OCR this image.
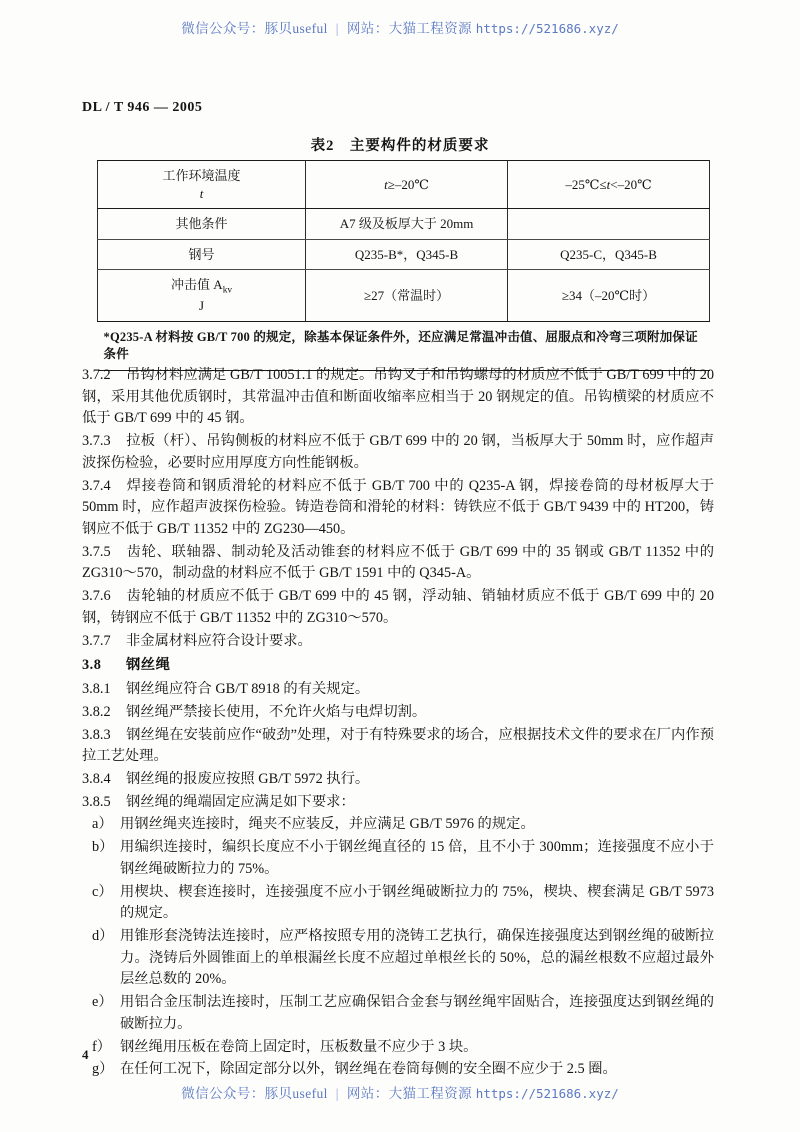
微信公众号：豚贝useful | 网站：大猫工程资源 https://521686.xyz/
DL / T 946 — 2005
表2　主要构件的材质要求
工作环境温度
t	t≥–20℃	–25℃≤t<–20℃
其他条件	A7 级及板厚大于 20mm	
钢号	Q235-B*，Q345-B	Q235-C，Q345-B
冲击值 $A_{kv}$
J	≥27（常温时）	≥34（–20℃时）
*Q235-A 材料按 GB/T 700 的规定，除基本保证条件外，还应满足常温冲击值、屈服点和冷弯三项附加保证条件		

3.7.2 吊钩材料应满足 GB/T 10051.1 的规定。吊钩叉子和吊钩螺母的材质应不低于 GB/T 699 中的 20 钢，采用其他优质钢时，其常温冲击值和断面收缩率应相当于 20 钢规定的值。吊钩横梁的材质应不低于 GB/T 699 中的 45 钢。

3.7.3 拉板（杆）、吊钩侧板的材料应不低于 GB/T 699 中的 20 钢，当板厚大于 50mm 时，应作超声波探伤检验，必要时应用厚度方向性能钢板。

3.7.4 焊接卷筒和钢质滑轮的材料应不低于 GB/T 700 中的 Q235-A 钢，焊接卷筒的母材板厚大于 50mm 时，应作超声波探伤检验。铸造卷筒和滑轮的材料：铸铁应不低于 GB/T 9439 中的 HT200，铸钢应不低于 GB/T 11352 中的 ZG230—450。

3.7.5 齿轮、联轴器、制动轮及活动锥套的材料应不低于 GB/T 699 中的 35 钢或 GB/T 11352 中的 ZG310～570，制动盘的材料应不低于 GB/T 1591 中的 Q345-A。

3.7.6 齿轮轴的材质应不低于 GB/T 699 中的 45 钢，浮动轴、销轴材质应不低于 GB/T 699 中的 20 钢，铸钢应不低于 GB/T 11352 中的 ZG310～570。

3.7.7 非金属材料应符合设计要求。

3.8 钢丝绳

3.8.1 钢丝绳应符合 GB/T 8918 的有关规定。

3.8.2 钢丝绳严禁接长使用，不允许火焰与电焊切割。

3.8.3 钢丝绳在安装前应作“破劲”处理，对于有特殊要求的场合，应根据技术文件的要求在厂内作预拉工艺处理。

3.8.4 钢丝绳的报废应按照 GB/T 5972 执行。

3.8.5 钢丝绳的绳端固定应满足如下要求：

a） 用钢丝绳夹连接时，绳夹不应装反，并应满足 GB/T 5976 的规定。
b） 用编织连接时，编织长度应不小于钢丝绳直径的 15 倍，且不小于 300mm；连接强度不应小于钢丝绳破断拉力的 75%。
c） 用楔块、楔套连接时，连接强度不应小于钢丝绳破断拉力的 75%，楔块、楔套满足 GB/T 5973 的规定。
d） 用锥形套浇铸法连接时，应严格按照专用的浇铸工艺执行，确保连接强度达到钢丝绳的破断拉力。浇铸后外圆锥面上的单根漏丝长度不应超过单根丝长的 50%，总的漏丝根数不应超过最外层丝总数的 20%。
e） 用铝合金压制法连接时，压制工艺应确保铝合金套与钢丝绳牢固贴合，连接强度达到钢丝绳的破断拉力。
f） 钢丝绳用压板在卷筒上固定时，压板数量不应少于 3 块。
g） 在任何工况下，除固定部分以外，钢丝绳在卷筒每侧的安全圈不应少于 2.5 圈。
4
微信公众号：豚贝useful | 网站：大猫工程资源 https://521686.xyz/
